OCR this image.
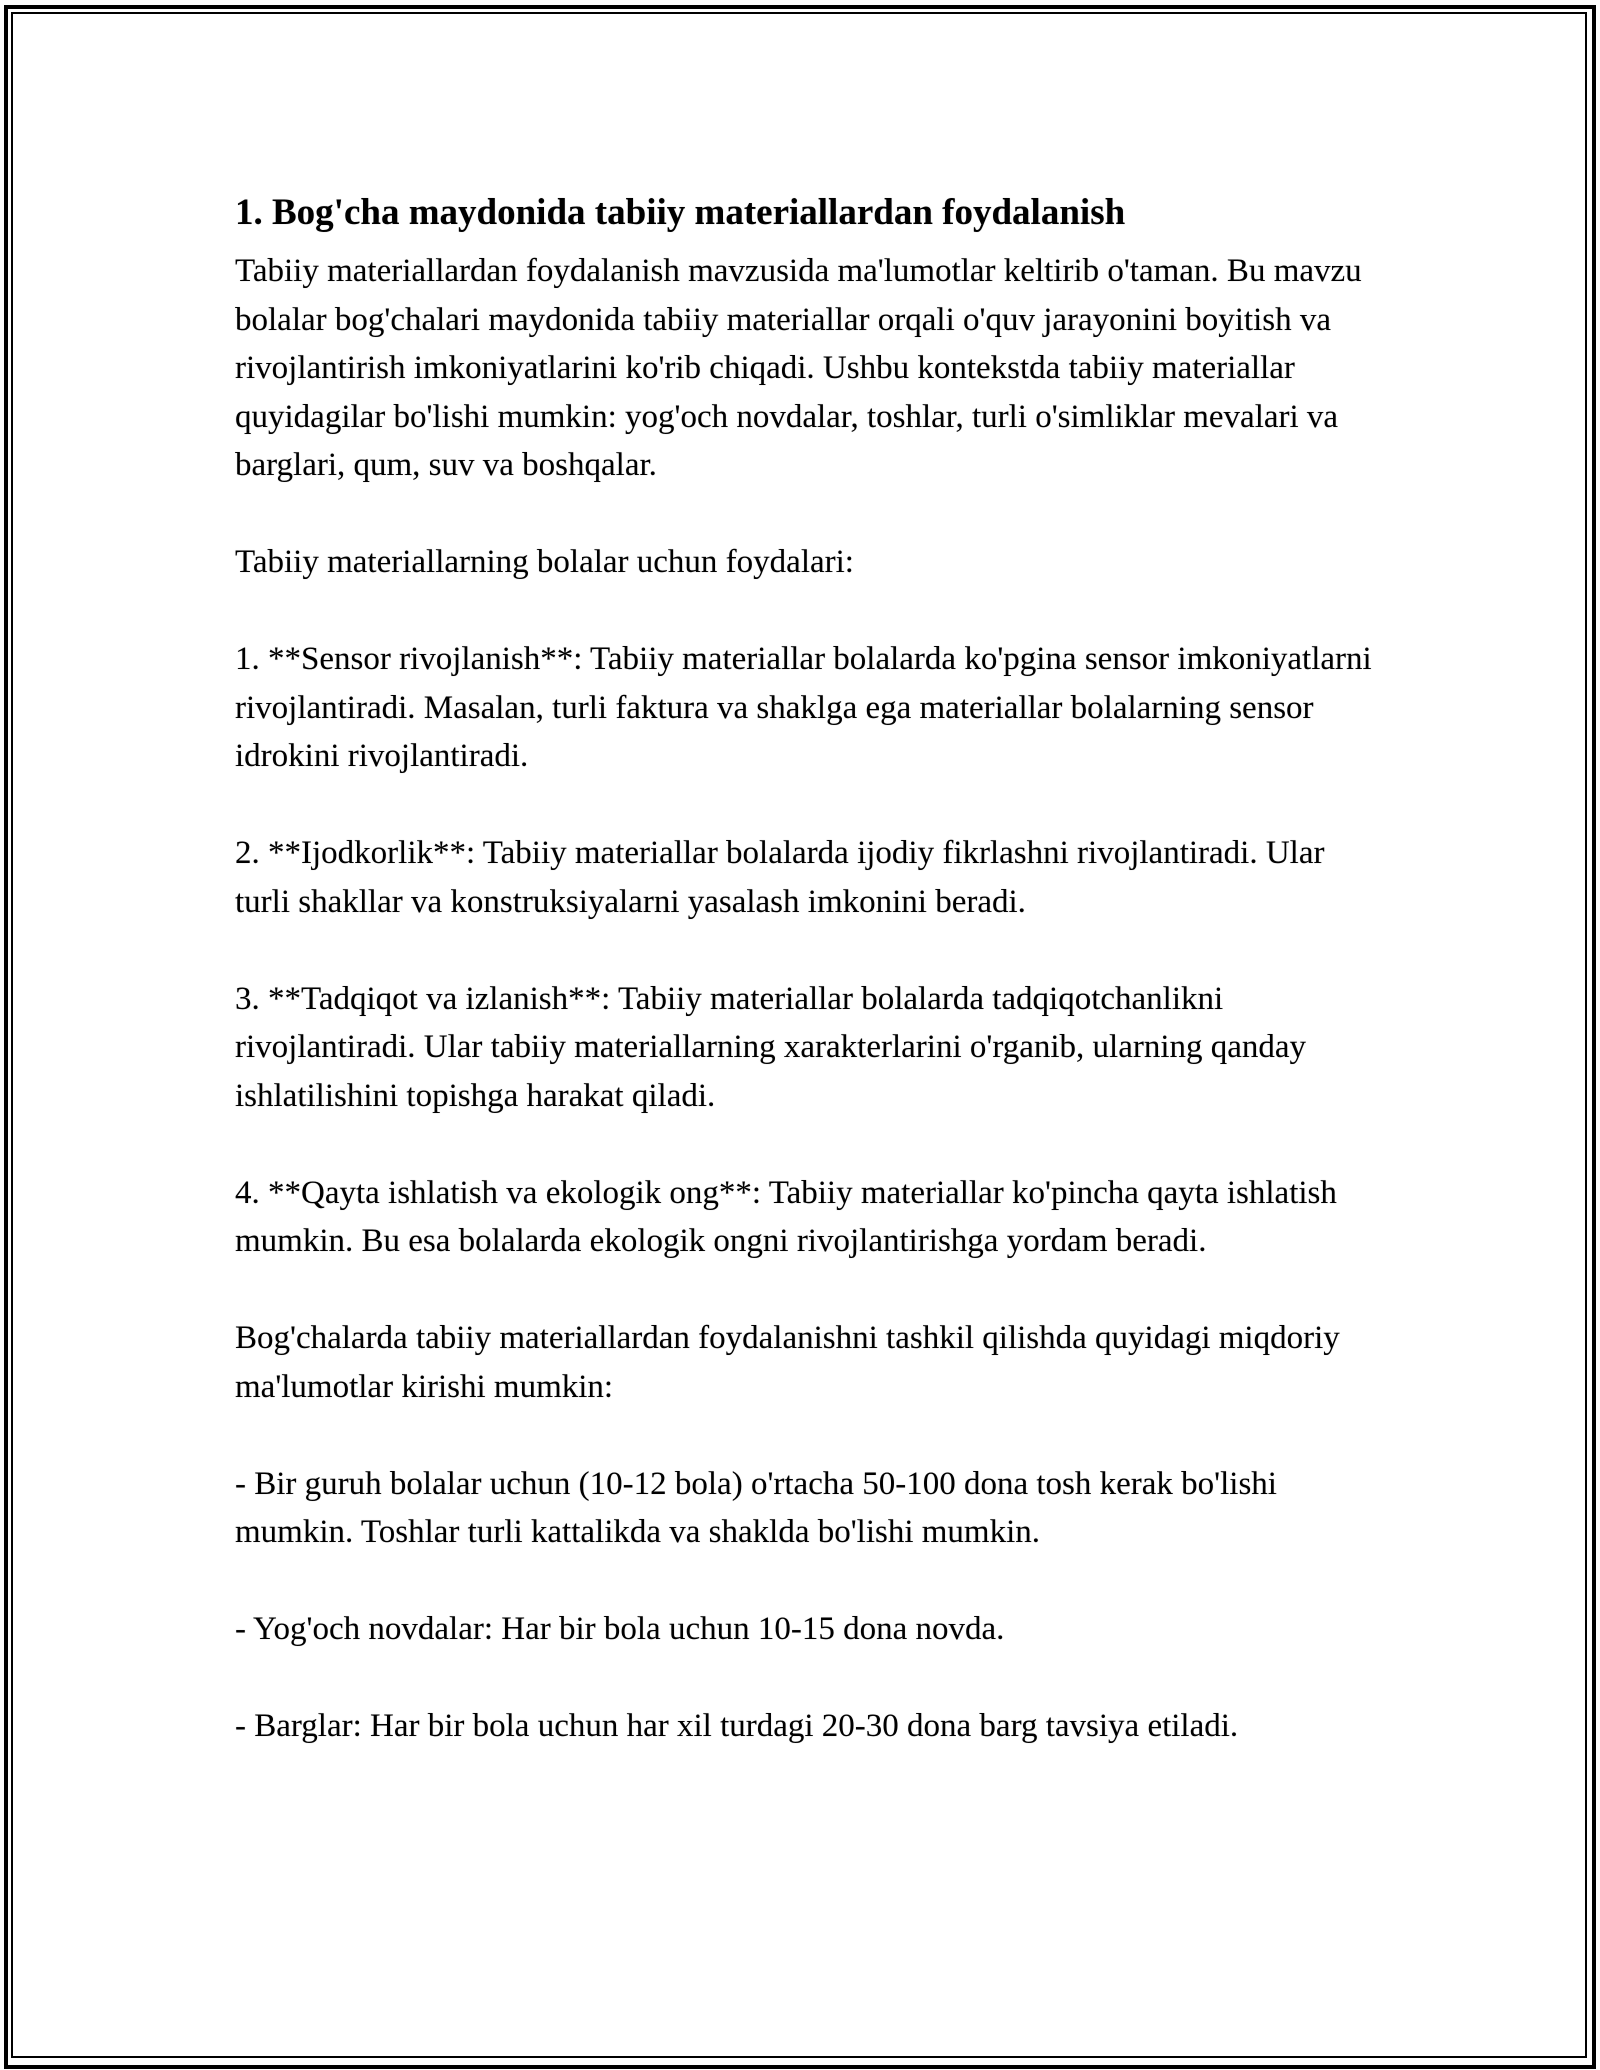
1. Bog'cha maydonida tabiiy materiallardan foydalanish

Tabiiy materiallardan foydalanish mavzusida ma'lumotlar keltirib o'taman. Bu mavzu bolalar bog'chalari maydonida tabiiy materiallar orqali o'quv jarayonini boyitish va rivojlantirish imkoniyatlarini ko'rib chiqadi. Ushbu kontekstda tabiiy materiallar quyidagilar bo'lishi mumkin: yog'och novdalar, toshlar, turli o'simliklar mevalari va barglari, qum, suv va boshqalar.

Tabiiy materiallarning bolalar uchun foydalari:

1. **Sensor rivojlanish**: Tabiiy materiallar bolalarda ko'pgina sensor imkoniyatlarni rivojlantiradi. Masalan, turli faktura va shaklga ega materiallar bolalarning sensor idrokini rivojlantiradi.

2. **Ijodkorlik**: Tabiiy materiallar bolalarda ijodiy fikrlashni rivojlantiradi. Ular turli shakllar va konstruksiyalarni yasalash imkonini beradi.

3. **Tadqiqot va izlanish**: Tabiiy materiallar bolalarda tadqiqotchanlikni rivojlantiradi. Ular tabiiy materiallarning xarakterlarini o'rganib, ularning qanday ishlatilishini topishga harakat qiladi.

4. **Qayta ishlatish va ekologik ong**: Tabiiy materiallar ko'pincha qayta ishlatish mumkin. Bu esa bolalarda ekologik ongni rivojlantirishga yordam beradi.

Bog'chalarda tabiiy materiallardan foydalanishni tashkil qilishda quyidagi miqdoriy ma'lumotlar kirishi mumkin:

- Bir guruh bolalar uchun (10-12 bola) o'rtacha 50-100 dona tosh kerak bo'lishi mumkin. Toshlar turli kattalikda va shaklda bo'lishi mumkin.

- Yog'och novdalar: Har bir bola uchun 10-15 dona novda.

- Barglar: Har bir bola uchun har xil turdagi 20-30 dona barg tavsiya etiladi.
